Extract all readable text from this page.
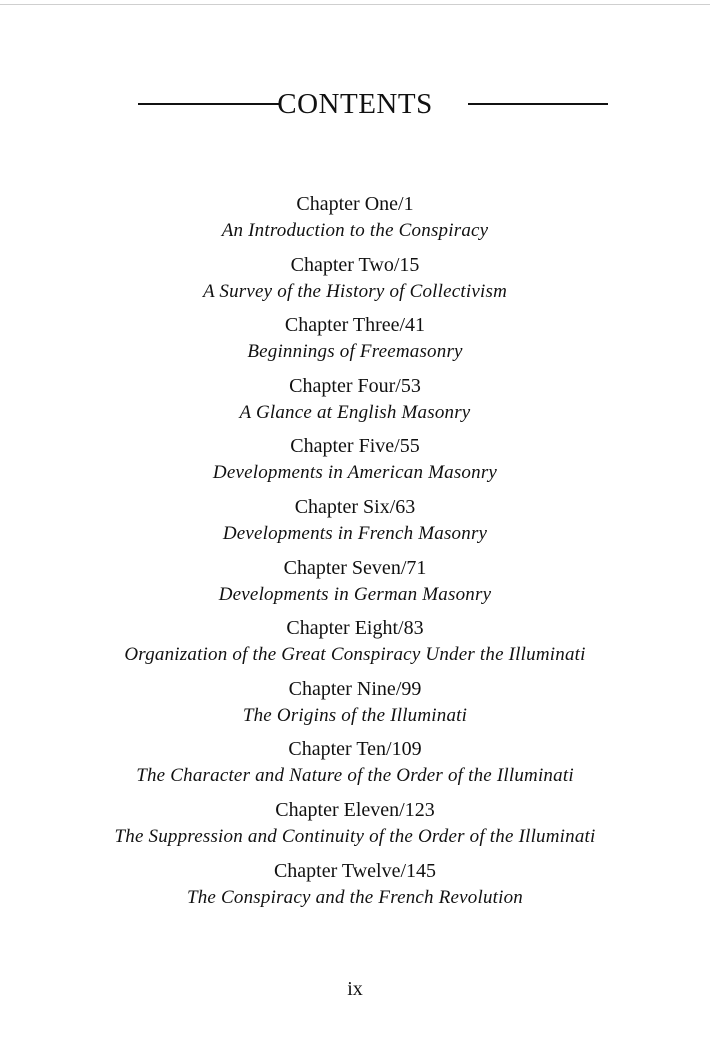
CONTENTS
Chapter One/1
An Introduction to the Conspiracy
Chapter Two/15
A Survey of the History of Collectivism
Chapter Three/41
Beginnings of Freemasonry
Chapter Four/53
A Glance at English Masonry
Chapter Five/55
Developments in American Masonry
Chapter Six/63
Developments in French Masonry
Chapter Seven/71
Developments in German Masonry
Chapter Eight/83
Organization of the Great Conspiracy Under the Illuminati
Chapter Nine/99
The Origins of the Illuminati
Chapter Ten/109
The Character and Nature of the Order of the Illuminati
Chapter Eleven/123
The Suppression and Continuity of the Order of the Illuminati
Chapter Twelve/145
The Conspiracy and the French Revolution
ix
